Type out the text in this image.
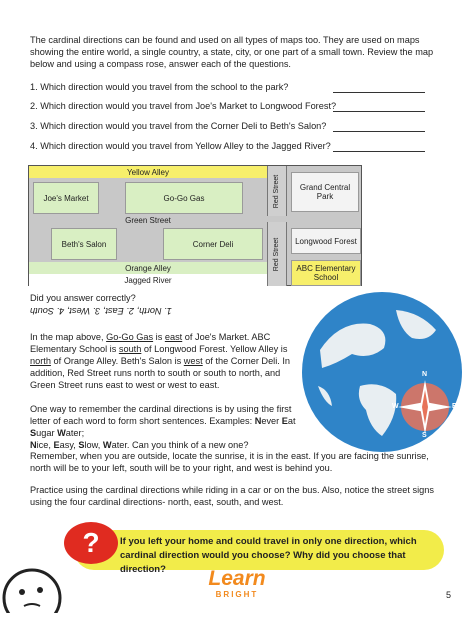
The cardinal directions can be found and used on all types of maps too. They are used on maps showing the entire world, a single country, a state, city, or one part of a small town. Review the map below and using a compass rose, answer each of the questions.
1. Which direction would you travel from the school to the park?
2. Which direction would you travel from Joe's Market to Longwood Forest?
3. Which direction would you travel from the Corner Deli to Beth's Salon?
4. Which direction would you travel from Yellow Alley to the Jagged River?
Yellow Alley
Joe's Market	Go-Go Gas
Green Street
Beth's Salon	Corner Deli
Orange Alley
Jagged River
Red Street
Red Street
Grand Central Park
Longwood Forest
ABC Elementary School
Did you answer correctly?
1. North, 2. East, 3. West, 4. South
In the map above, Go-Go Gas is east of Joe's Market. ABC Elementary School is south of Longwood Forest. Yellow Alley is north of Orange Alley. Beth's Salon is west of the Corner Deli. In addition, Red Street runs north to south or south to north, and Green Street runs east to west or west to east.
One way to remember the cardinal directions is by using the first letter of each word to form short sentences. Examples: Never Eat Sugar Water;
Nice, Easy, Slow, Water. Can you think of a new one?
Remember, when you are outside, locate the sunrise, it is in the east. If you are facing the sunrise, north will be to your left, south will be to your right, and west is behind you.
Practice using the cardinal directions while riding in a car or on the bus. Also, notice the street signs using the four cardinal directions- north, east, south, and west.
N
S
E
W
If you left your home and could travel in only one direction, which cardinal direction would you choose? Why did you choose that direction?
?
Learn
BRIGHT	5
